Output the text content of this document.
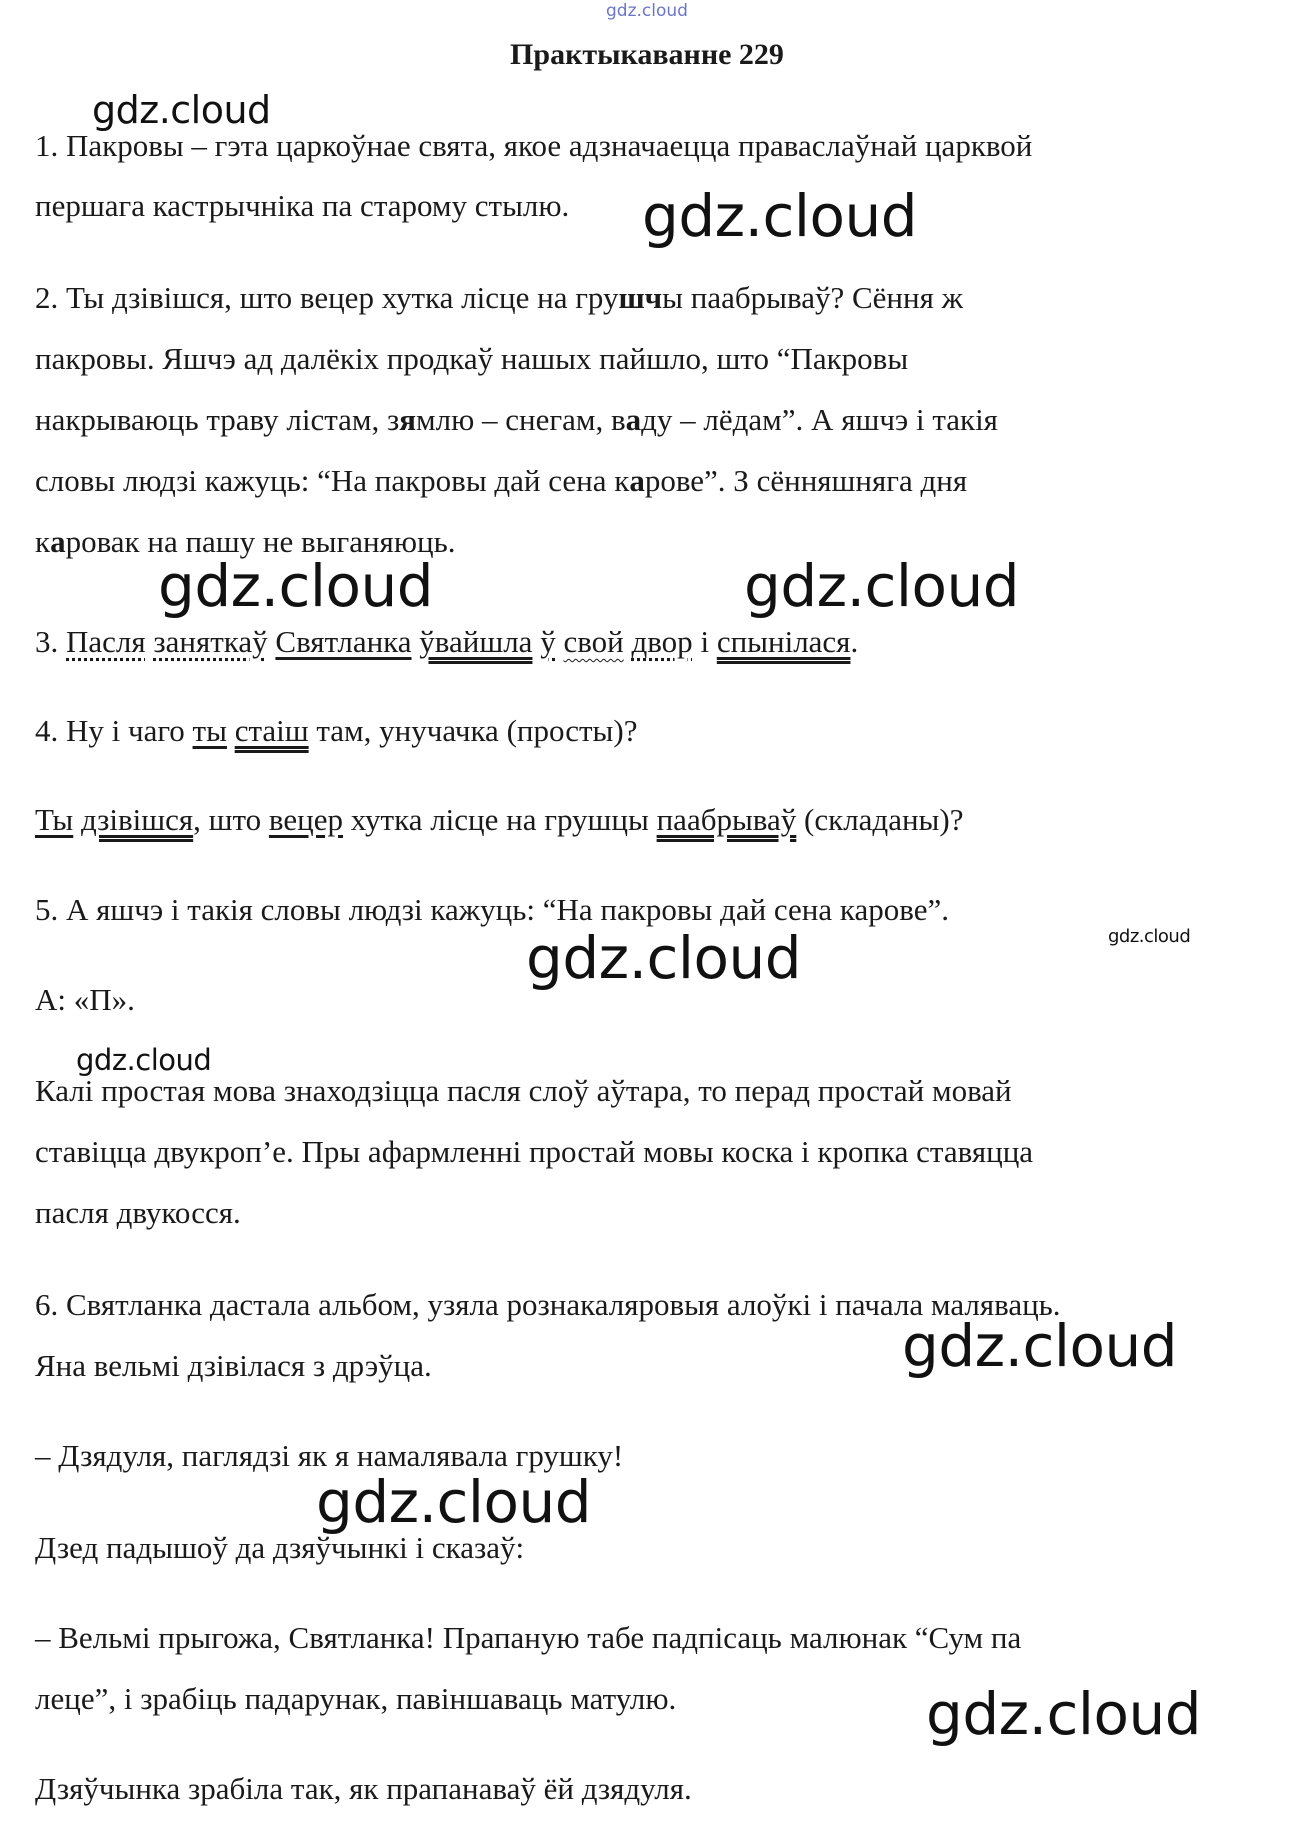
gdz.cloud
Практыкаванне 229
1. Пакровы – гэта царкоўнае свята, якое адзначаецца праваслаўнай царквой
першага кастрычніка па старому стылю.
2. Ты дзівішся, што вецер хутка лісце на грушчы паабрываў? Сёння ж
пакровы. Яшчэ ад далёкіх продкаў нашых пайшло, што “Пакровы
накрываюць траву лістам, зямлю – снегам, ваду – лёдам”. А яшчэ і такія
словы людзі кажуць: “На пакровы дай сена карове”. З сённяшняга дня
каровак на пашу не выганяюць.
3. Пасля заняткаў Святланка ўвайшла ў свой двор і спынілася.
4. Ну і чаго ты стаіш там, унучачка (просты)?
Ты дзівішся, што вецер хутка лісце на грушцы паабрываў (складаны)?
5. А яшчэ і такія словы людзі кажуць: “На пакровы дай сена карове”.
А: «П».
Калі простая мова знаходзіцца пасля слоў аўтара, то перад простай мовай
ставіцца двукроп’е. Пры афармленні простай мовы коска і кропка ставяцца
пасля двукосся.
6. Святланка дастала альбом, узяла рознакаляровыя алоўкі і пачала маляваць.
Яна вельмі дзівілася з дрэўца.
– Дзядуля, паглядзі як я намалявала грушку!
Дзед падышоў да дзяўчынкі і сказаў:
– Вельмі прыгожа, Святланка! Прапаную табе падпісаць малюнак “Сум па
леце”, і зрабіць падарунак, павіншаваць матулю.
Дзяўчынка зрабіла так, як прапанаваў ёй дзядуля.
gdz.cloud
gdz.cloud
gdz.cloud	gdz.cloud
gdz.cloud	gdz.cloud
gdz.cloud
gdz.cloud
gdz.cloud
gdz.cloud
